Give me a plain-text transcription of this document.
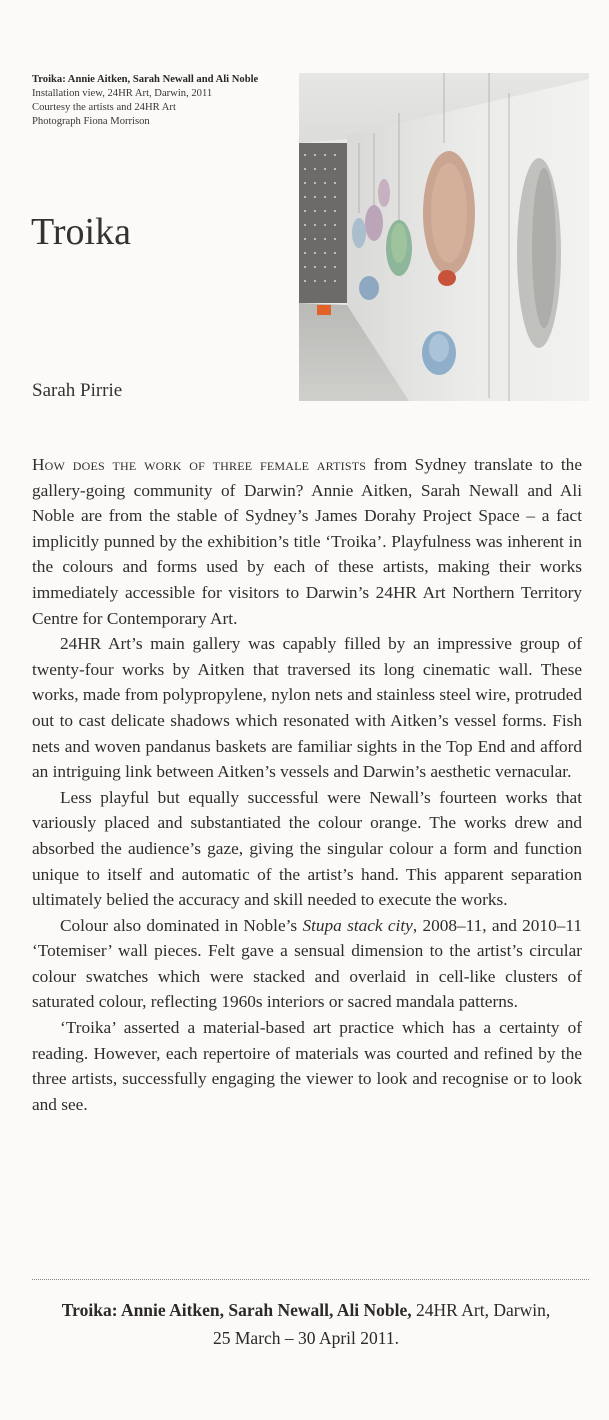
Troika: Annie Aitken, Sarah Newall and Ali Noble
Installation view, 24HR Art, Darwin, 2011
Courtesy the artists and 24HR Art
Photograph Fiona Morrison
Troika
Sarah Pirrie

How does the work of three female artists from Sydney translate to the gallery-going community of Darwin? Annie Aitken, Sarah Newall and Ali Noble are from the stable of Sydney’s James Dorahy Project Space – a fact implicitly punned by the exhibition’s title ‘Troika’. Playfulness was inherent in the colours and forms used by each of these artists, making their works immediately accessible for visitors to Darwin’s 24HR Art Northern Territory Centre for Contemporary Art.

24HR Art’s main gallery was capably filled by an impressive group of twenty-four works by Aitken that traversed its long cinematic wall. These works, made from polypropylene, nylon nets and stainless steel wire, protruded out to cast delicate shadows which resonated with Aitken’s vessel forms. Fish nets and woven pandanus baskets are familiar sights in the Top End and afford an intriguing link between Aitken’s vessels and Darwin’s aesthetic vernacular.

Less playful but equally successful were Newall’s fourteen works that variously placed and substantiated the colour orange. The works drew and absorbed the audience’s gaze, giving the singular colour a form and function unique to itself and automatic of the artist’s hand. This apparent separation ultimately belied the accuracy and skill needed to execute the works.

Colour also dominated in Noble’s Stupa stack city, 2008–11, and 2010–11 ‘Totemiser’ wall pieces. Felt gave a sensual dimension to the artist’s circular colour swatches which were stacked and overlaid in cell-like clusters of saturated colour, reflecting 1960s interiors or sacred mandala patterns.

‘Troika’ asserted a material-based art practice which has a certainty of reading. However, each repertoire of materials was courted and refined by the three artists, successfully engaging the viewer to look and recognise or to look and see.

Troika: Annie Aitken, Sarah Newall, Ali Noble, 24HR Art, Darwin,
25 March – 30 April 2011.
